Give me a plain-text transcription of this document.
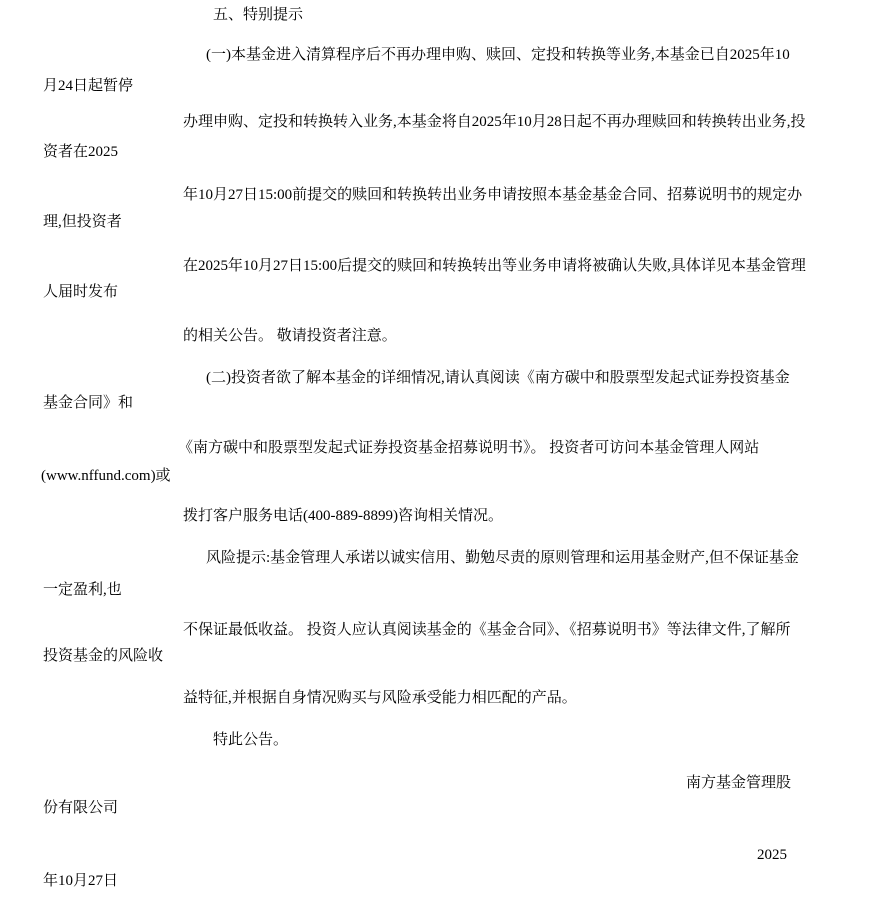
五、特别提示
(一)本基金进入清算程序后不再办理申购、赎回、定投和转换等业务,本基金已自2025年10
月24日起暂停
办理申购、定投和转换转入业务,本基金将自2025年10月28日起不再办理赎回和转换转出业务,投
资者在2025
年10月27日15:00前提交的赎回和转换转出业务申请按照本基金基金合同、招募说明书的规定办
理,但投资者
在2025年10月27日15:00后提交的赎回和转换转出等业务申请将被确认失败,具体详见本基金管理
人届时发布
的相关公告。 敬请投资者注意。
(二)投资者欲了解本基金的详细情况,请认真阅读《南方碳中和股票型发起式证券投资基金
基金合同》和
《南方碳中和股票型发起式证券投资基金招募说明书》。 投资者可访问本基金管理人网站
(www.nffund.com)或
拨打客户服务电话(400-889-8899)咨询相关情况。
风险提示:基金管理人承诺以诚实信用、勤勉尽责的原则管理和运用基金财产,但不保证基金
一定盈利,也
不保证最低收益。 投资人应认真阅读基金的《基金合同》、《招募说明书》等法律文件,了解所
投资基金的风险收
益特征,并根据自身情况购买与风险承受能力相匹配的产品。
特此公告。
南方基金管理股
份有限公司
2025
年10月27日
